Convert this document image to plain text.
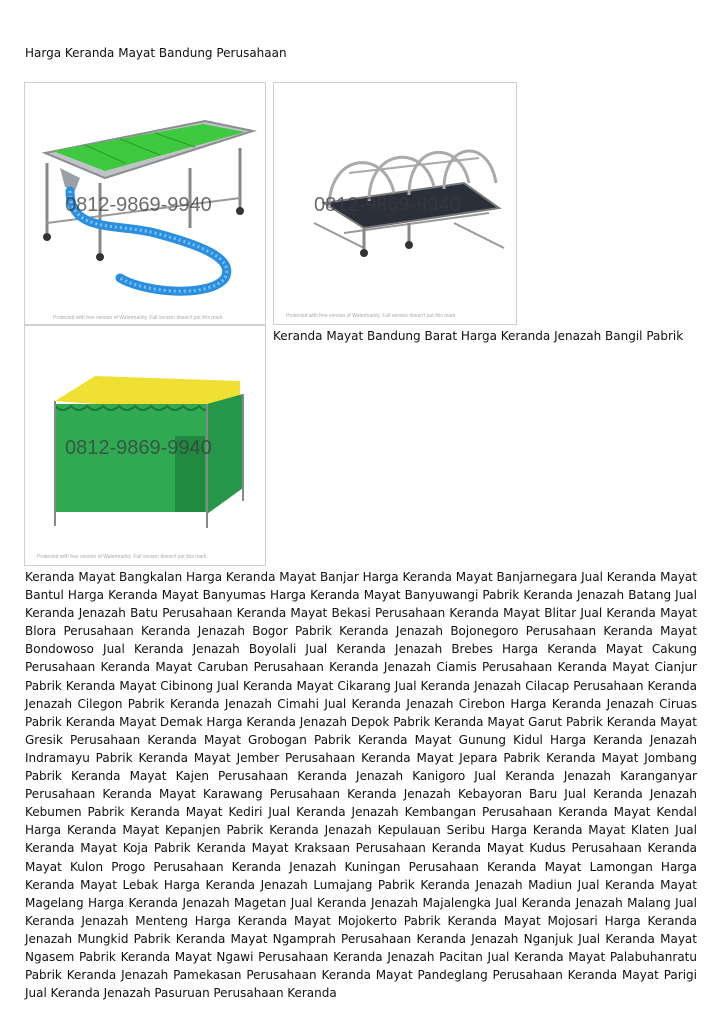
Harga Keranda Mayat Bandung Perusahaan
0812-9869-9940
Protected with free version of Watermarkly. Full version doesn't put this mark.
0812-9869-9940
Protected with free version of Watermarkly. Full version doesn't put this mark.
0812-9869-9940
Protected with free version of Watermarkly. Full version doesn't put this mark.
Keranda Mayat Bandung Barat Harga Keranda Jenazah Bangil Pabrik
Keranda Mayat Bangkalan Harga Keranda Mayat Banjar Harga Keranda Mayat Banjarnegara Jual Keranda Mayat Bantul Harga Keranda Mayat Banyumas Harga Keranda Mayat Banyuwangi Pabrik Keranda Jenazah Batang Jual Keranda Jenazah Batu Perusahaan Keranda Mayat Bekasi Perusahaan Keranda Mayat Blitar Jual Keranda Mayat Blora Perusahaan Keranda Jenazah Bogor Pabrik Keranda Jenazah Bojonegoro Perusahaan Keranda Mayat Bondowoso Jual Keranda Jenazah Boyolali Jual Keranda Jenazah Brebes Harga Keranda Mayat Cakung Perusahaan Keranda Mayat Caruban Perusahaan Keranda Jenazah Ciamis Perusahaan Keranda Mayat Cianjur Pabrik Keranda Mayat Cibinong Jual Keranda Mayat Cikarang Jual Keranda Jenazah Cilacap Perusahaan Keranda Jenazah Cilegon Pabrik Keranda Jenazah Cimahi Jual Keranda Jenazah Cirebon Harga Keranda Jenazah Ciruas Pabrik Keranda Mayat Demak Harga Keranda Jenazah Depok Pabrik Keranda Mayat Garut Pabrik Keranda Mayat Gresik Perusahaan Keranda Mayat Grobogan Pabrik Keranda Mayat Gunung Kidul Harga Keranda Jenazah Indramayu Pabrik Keranda Mayat Jember Perusahaan Keranda Mayat Jepara Pabrik Keranda Mayat Jombang Pabrik Keranda Mayat Kajen Perusahaan Keranda Jenazah Kanigoro Jual Keranda Jenazah Karanganyar Perusahaan Keranda Mayat Karawang Perusahaan Keranda Jenazah Kebayoran Baru Jual Keranda Jenazah Kebumen Pabrik Keranda Mayat Kediri Jual Keranda Jenazah Kembangan Perusahaan Keranda Mayat Kendal Harga Keranda Mayat Kepanjen Pabrik Keranda Jenazah Kepulauan Seribu Harga Keranda Mayat Klaten Jual Keranda Mayat Koja Pabrik Keranda Mayat Kraksaan Perusahaan Keranda Mayat Kudus Perusahaan Keranda Mayat Kulon Progo Perusahaan Keranda Jenazah Kuningan Perusahaan Keranda Mayat Lamongan Harga Keranda Mayat Lebak Harga Keranda Jenazah Lumajang Pabrik Keranda Jenazah Madiun Jual Keranda Mayat Magelang Harga Keranda Jenazah Magetan Jual Keranda Jenazah Majalengka Jual Keranda Jenazah Malang Jual Keranda Jenazah Menteng Harga Keranda Mayat Mojokerto Pabrik Keranda Mayat Mojosari Harga Keranda Jenazah Mungkid Pabrik Keranda Mayat Ngamprah Perusahaan Keranda Jenazah Nganjuk Jual Keranda Mayat Ngasem Pabrik Keranda Mayat Ngawi Perusahaan Keranda Jenazah Pacitan Jual Keranda Mayat Palabuhanratu Pabrik Keranda Jenazah Pamekasan Perusahaan Keranda Mayat Pandeglang Perusahaan Keranda Mayat Parigi Jual Keranda Jenazah Pasuruan Perusahaan Keranda
